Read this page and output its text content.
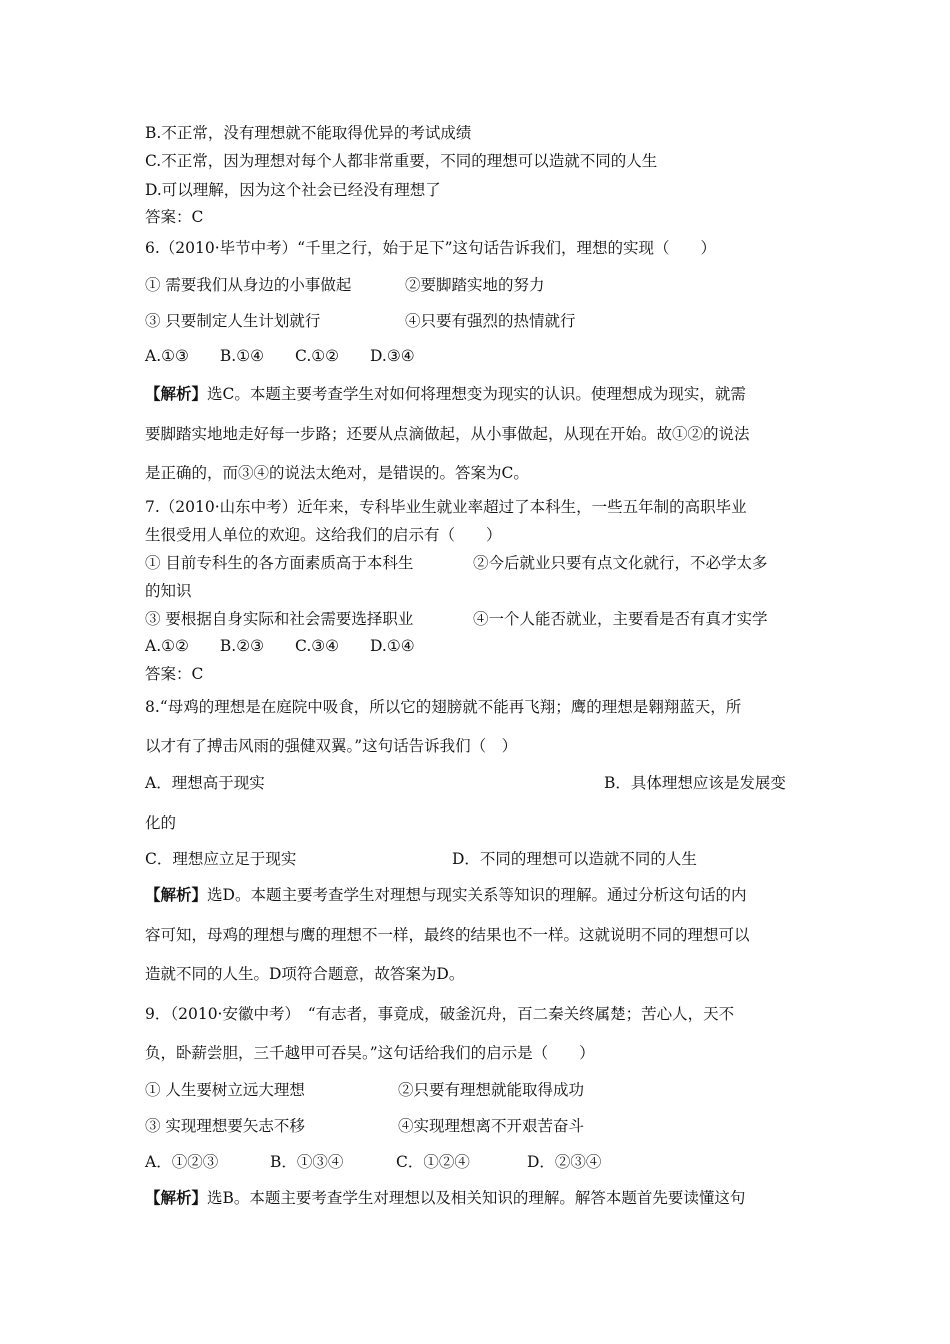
B.不正常，没有理想就不能取得优异的考试成绩
C.不正常，因为理想对每个人都非常重要，不同的理想可以造就不同的人生
D.可以理解，因为这个社会已经没有理想了
答案：C
6.（2010·毕节中考）“千里之行，始于足下”这句话告诉我们，理想的实现（　　）
① 需要我们从身边的小事做起	②要脚踏实地的努力
③ 只要制定人生计划就行	④只要有强烈的热情就行
A.①③　　B.①④　　C.①②　　D.③④
【解析】选C。本题主要考查学生对如何将理想变为现实的认识。使理想成为现实，就需
要脚踏实地地走好每一步路；还要从点滴做起，从小事做起，从现在开始。故①②的说法
是正确的，而③④的说法太绝对，是错误的。答案为C。
7.（2010·山东中考）近年来，专科毕业生就业率超过了本科生，一些五年制的高职毕业
生很受用人单位的欢迎。这给我们的启示有（　　）
① 目前专科生的各方面素质高于本科生	②今后就业只要有点文化就行，不必学太多
的知识
③ 要根据自身实际和社会需要选择职业	④一个人能否就业，主要看是否有真才实学
A.①②　　B.②③　　C.③④　　D.①④
答案：C
8.“母鸡的理想是在庭院中吸食，所以它的翅膀就不能再飞翔；鹰的理想是翱翔蓝天，所
以才有了搏击风雨的强健双翼。”这句话告诉我们（　）
A．理想高于现实	B．具体理想应该是发展变
化的
C．理想应立足于现实	D．不同的理想可以造就不同的人生
【解析】选D。本题主要考查学生对理想与现实关系等知识的理解。通过分析这句话的内
容可知，母鸡的理想与鹰的理想不一样，最终的结果也不一样。这就说明不同的理想可以
造就不同的人生。D项符合题意，故答案为D。
9．（2010·安徽中考）　“有志者，事竟成，破釜沉舟，百二秦关终属楚；苦心人，天不
负，卧薪尝胆，三千越甲可吞吴。”这句话给我们的启示是（　　）
① 人生要树立远大理想	②只要有理想就能取得成功
③ 实现理想要矢志不移	④实现理想离不开艰苦奋斗
A．①②③	B．①③④	C．①②④	D．②③④
【解析】选B。本题主要考查学生对理想以及相关知识的理解。解答本题首先要读懂这句
